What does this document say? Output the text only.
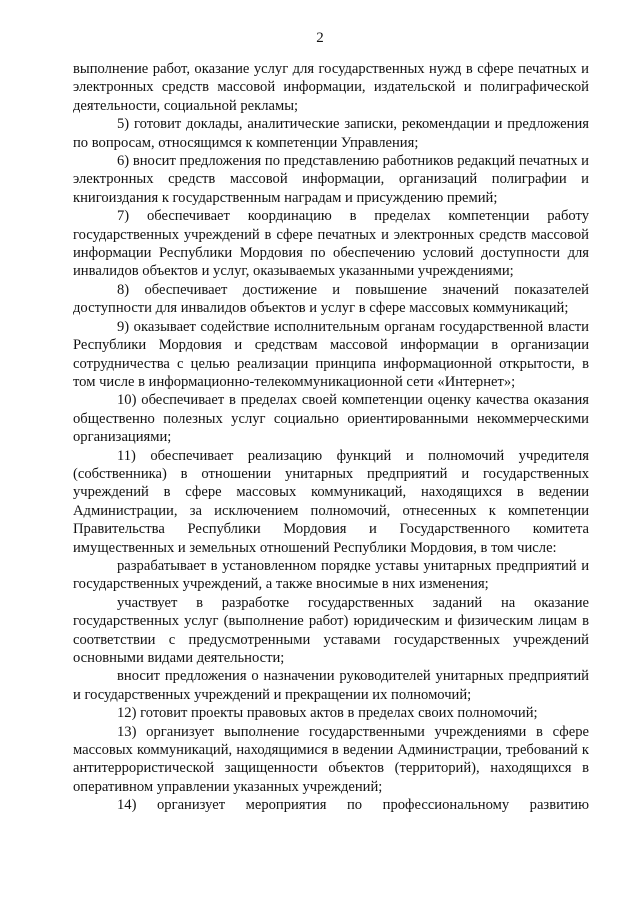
2

выполнение работ, оказание услуг для государственных нужд в сфере печатных и электронных средств массовой информации, издательской и полиграфической деятельности, социальной рекламы;

5) готовит доклады, аналитические записки, рекомендации и предложения по вопросам, относящимся к компетенции Управления;

6) вносит предложения по представлению работников редакций печатных и электронных средств массовой информации, организаций полиграфии и книгоиздания к государственным наградам и присуждению премий;

7) обеспечивает координацию в пределах компетенции работу государственных учреждений в сфере печатных и электронных средств массовой информации Республики Мордовия по обеспечению условий доступности для инвалидов объектов и услуг, оказываемых указанными учреждениями;

8) обеспечивает достижение и повышение значений показателей доступности для инвалидов объектов и услуг в сфере массовых коммуникаций;

9) оказывает содействие исполнительным органам государственной власти Республики Мордовия и средствам массовой информации в организации сотрудничества с целью реализации принципа информационной открытости, в том числе в информационно-телекоммуникационной сети «Интернет»;

10) обеспечивает в пределах своей компетенции оценку качества оказания общественно полезных услуг социально ориентированными некоммерческими организациями;

11) обеспечивает реализацию функций и полномочий учредителя (собственника) в отношении унитарных предприятий и государственных учреждений в сфере массовых коммуникаций, находящихся в ведении Администрации, за исключением полномочий, отнесенных к компетенции Правительства Республики Мордовия и Государственного комитета имущественных и земельных отношений Республики Мордовия, в том числе:

разрабатывает в установленном порядке уставы унитарных предприятий и государственных учреждений, а также вносимые в них изменения;

участвует в разработке государственных заданий на оказание государственных услуг (выполнение работ) юридическим и физическим лицам в соответствии с предусмотренными уставами государственных учреждений основными видами деятельности;

вносит предложения о назначении руководителей унитарных предприятий и государственных учреждений и прекращении их полномочий;

12) готовит проекты правовых актов в пределах своих полномочий;

13) организует выполнение государственными учреждениями в сфере массовых коммуникаций, находящимися в ведении Администрации, требований к антитеррористической защищенности объектов (территорий), находящихся в оперативном управлении указанных учреждений;

14) организует мероприятия по профессиональному развитию
